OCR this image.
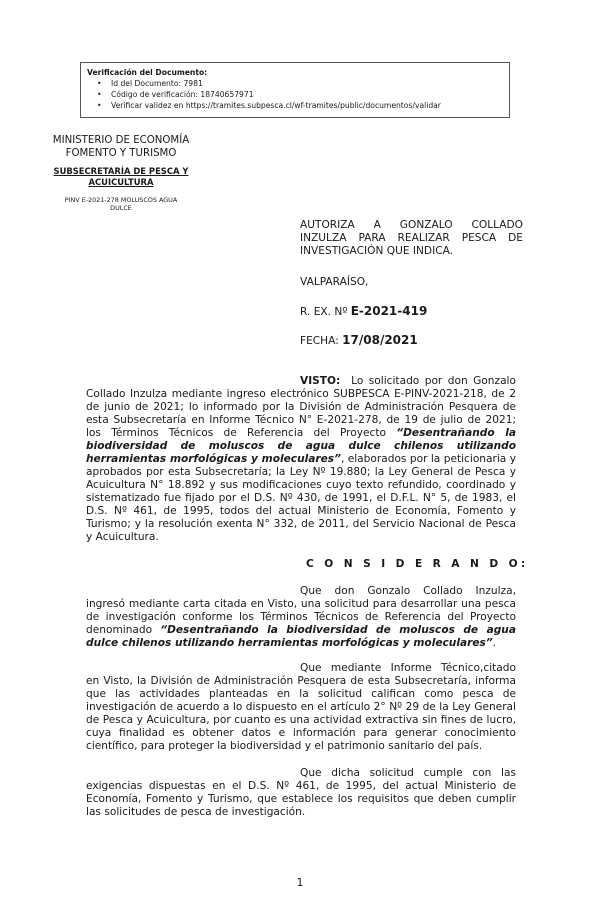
Verificación del Documento:
• Id del Documento: 7981
• Código de verificación: 18740657971
• Verificar validez en https://tramites.subpesca.cl/wf-tramites/public/documentos/validar
MINISTERIO DE ECONOMÍA
FOMENTO Y TURISMO
SUBSECRETARÍA DE PESCA Y
ACUICULTURA
PINV E-2021-278 MOLUSCOS AGUA
DULCE
AUTORIZA A GONZALO COLLADO
INZULZA PARA REALIZAR PESCA DE
INVESTIGACIÓN QUE INDICA.
VALPARAÍSO,
R. EX. Nº E-2021-419
FECHA: 17/08/2021
VISTO: Lo solicitado por don Gonzalo
Collado Inzulza mediante ingreso electrónico SUBPESCA E-PINV-2021-218, de 2
de junio de 2021; lo informado por la División de Administración Pesquera de
esta Subsecretaría en Informe Técnico N° E-2021-278, de 19 de julio de 2021;
los Términos Técnicos de Referencia del Proyecto “Desentrañando la
biodiversidad de moluscos de agua dulce chilenos utilizando
herramientas morfológicas y moleculares”, elaborados por la peticionaria y
aprobados por esta Subsecretaría; la Ley Nº 19.880; la Ley General de Pesca y
Acuicultura N° 18.892 y sus modificaciones cuyo texto refundido, coordinado y
sistematizado fue fijado por el D.S. Nº 430, de 1991, el D.F.L. N° 5, de 1983, el
D.S. Nº 461, de 1995, todos del actual Ministerio de Economía, Fomento y
Turismo; y la resolución exenta N° 332, de 2011, del Servicio Nacional de Pesca
y Acuicultura.
C O N S I D E R A N D O:
Que don Gonzalo Collado Inzulza,
ingresó mediante carta citada en Visto, una solicitud para desarrollar una pesca
de investigación conforme los Términos Técnicos de Referencia del Proyecto
denominado “Desentrañando la biodiversidad de moluscos de agua
dulce chilenos utilizando herramientas morfológicas y moleculares”.
Que mediante Informe Técnico,citado
en Visto, la División de Administración Pesquera de esta Subsecretaría, informa
que las actividades planteadas en la solicitud califican como pesca de
investigación de acuerdo a lo dispuesto en el artículo 2° Nº 29 de la Ley General
de Pesca y Acuicultura, por cuanto es una actividad extractiva sin fines de lucro,
cuya finalidad es obtener datos e información para generar conocimiento
científico, para proteger la biodiversidad y el patrimonio sanitario del país.
Que dicha solicitud cumple con las
exigencias dispuestas en el D.S. Nº 461, de 1995, del actual Ministerio de
Economía, Fomento y Turismo, que establece los requisitos que deben cumplir
las solicitudes de pesca de investigación.
1
